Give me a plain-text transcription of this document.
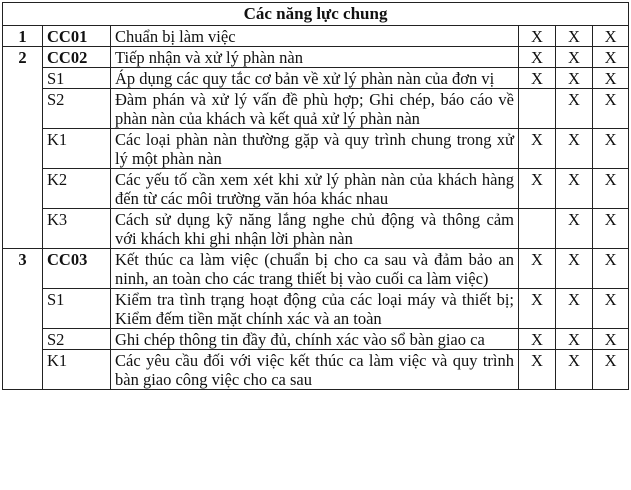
Các năng lực chung					
1	CC01	Chuẩn bị làm việc	X	X	X
2	CC02	Tiếp nhận và xử lý phàn nàn	X	X	X
	S1	Áp dụng các quy tắc cơ bản về xử lý phàn nàn của đơn vị	X	X	X
	S2	Đàm phán và xử lý vấn đề phù hợp; Ghi chép, báo cáo về phàn nàn của khách và kết quả xử lý phàn nàn		X	X
	K1	Các loại phàn nàn thường gặp và quy trình chung trong xử lý một phàn nàn	X	X	X
	K2	Các yếu tố cần xem xét khi xử lý phàn nàn của khách hàng đến từ các môi trường văn hóa khác nhau	X	X	X
	K3	Cách sử dụng kỹ năng lắng nghe chủ động và thông cảm với khách khi ghi nhận lời phàn nàn		X	X
3	CC03	Kết thúc ca làm việc (chuẩn bị cho ca sau và đảm bảo an ninh, an toàn cho các trang thiết bị vào cuối ca làm việc)	X	X	X
	S1	Kiểm tra tình trạng hoạt động của các loại máy và thiết bị; Kiểm đếm tiền mặt chính xác và an toàn	X	X	X
	S2	Ghi chép thông tin đầy đủ, chính xác vào sổ bàn giao ca	X	X	X
	K1	Các yêu cầu đối với việc kết thúc ca làm việc và quy trình bàn giao công việc cho ca sau	X	X	X
